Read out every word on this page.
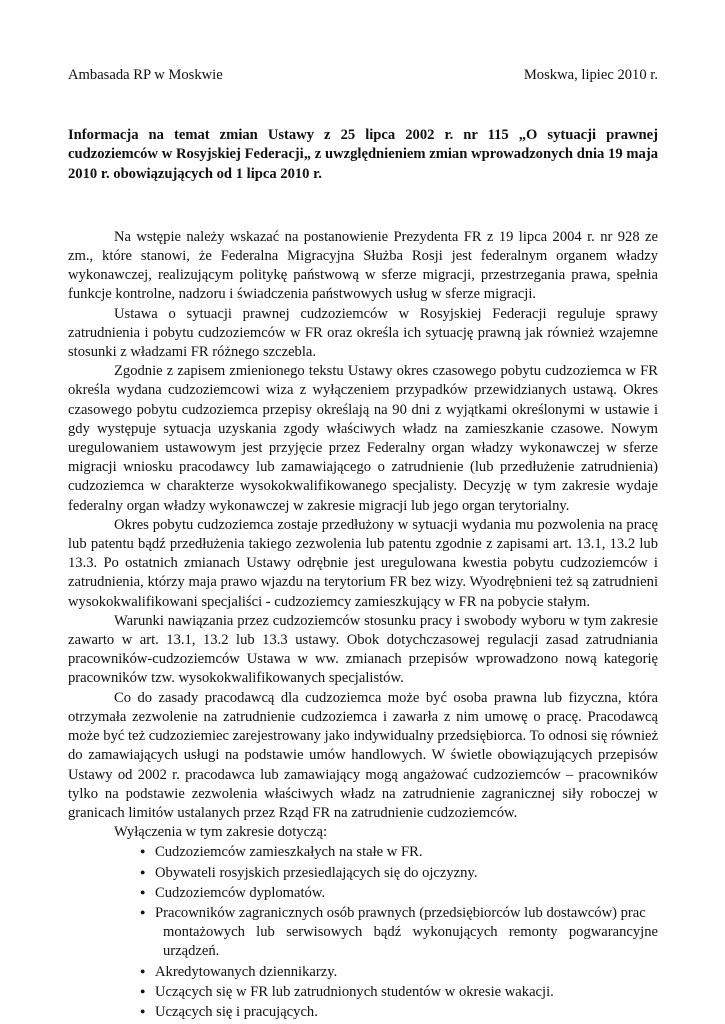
Ambasada RP w Moskwie	Moskwa, lipiec 2010 r.

Informacja na temat zmian Ustawy z 25 lipca 2002 r. nr 115 „O sytuacji prawnej cudzoziemców w Rosyjskiej Federacji„ z uwzględnieniem zmian wprowadzonych dnia 19 maja 2010 r. obowiązujących od 1 lipca 2010 r.

Na wstępie należy wskazać na postanowienie Prezydenta FR z 19 lipca 2004 r. nr 928 ze zm., które stanowi, że Federalna Migracyjna Służba Rosji jest federalnym organem władzy wykonawczej, realizującym politykę państwową w sferze migracji, przestrzegania prawa, spełnia funkcje kontrolne, nadzoru i świadczenia państwowych usług w sferze migracji.

Ustawa o sytuacji prawnej cudzoziemców w Rosyjskiej Federacji reguluje sprawy zatrudnienia i pobytu cudzoziemców w FR oraz określa ich sytuację prawną jak również wzajemne stosunki z władzami FR różnego szczebla.

Zgodnie z zapisem zmienionego tekstu Ustawy okres czasowego pobytu cudzoziemca w FR określa wydana cudzoziemcowi wiza z wyłączeniem przypadków przewidzianych ustawą. Okres czasowego pobytu cudzoziemca przepisy określają na 90 dni z wyjątkami określonymi w ustawie i gdy występuje sytuacja uzyskania zgody właściwych władz na zamieszkanie czasowe. Nowym uregulowaniem ustawowym jest przyjęcie przez Federalny organ władzy wykonawczej w sferze migracji wniosku pracodawcy lub zamawiającego o zatrudnienie (lub przedłużenie zatrudnienia) cudzoziemca w charakterze wysokokwalifikowanego specjalisty. Decyzję w tym zakresie wydaje federalny organ władzy wykonawczej w zakresie migracji lub jego organ terytorialny.

Okres pobytu cudzoziemca zostaje przedłużony w sytuacji wydania mu pozwolenia na pracę lub patentu bądź przedłużenia takiego zezwolenia lub patentu zgodnie z zapisami art. 13.1, 13.2 lub 13.3. Po ostatnich zmianach Ustawy odrębnie jest uregulowana kwestia pobytu cudzoziemców i zatrudnienia, którzy maja prawo wjazdu na terytorium FR bez wizy. Wyodrębnieni też są zatrudnieni wysokokwalifikowani specjaliści - cudzoziemcy zamieszkujący w FR na pobycie stałym.

Warunki nawiązania przez cudzoziemców stosunku pracy i swobody wyboru w tym zakresie zawarto w art. 13.1, 13.2 lub 13.3 ustawy. Obok dotychczasowej regulacji zasad zatrudniania pracowników-cudzoziemców Ustawa w ww. zmianach przepisów wprowadzono nową kategorię pracowników tzw. wysokokwalifikowanych specjalistów.

Co do zasady pracodawcą dla cudzoziemca może być osoba prawna lub fizyczna, która otrzymała zezwolenie na zatrudnienie cudzoziemca i zawarła z nim umowę o pracę. Pracodawcą może być też cudzoziemiec zarejestrowany jako indywidualny przedsiębiorca. To odnosi się również do zamawiających usługi na podstawie umów handlowych. W świetle obowiązujących przepisów Ustawy od 2002 r. pracodawca lub zamawiający mogą angażować cudzoziemców – pracowników tylko na podstawie zezwolenia właściwych władz na zatrudnienie zagranicznej siły roboczej w granicach limitów ustalanych przez Rząd FR na zatrudnienie cudzoziemców.

Wyłączenia w tym zakresie dotyczą:

● Cudzoziemców zamieszkałych na stałe w FR.
● Obywateli rosyjskich przesiedlających się do ojczyzny.
● Cudzoziemców dyplomatów.
● Pracowników zagranicznych osób prawnych (przedsiębiorców lub dostawców) prac
montażowych lub serwisowych bądź wykonujących remonty pogwarancyjne urządzeń.
● Akredytowanych dziennikarzy.
● Uczących się w FR lub zatrudnionych studentów w okresie wakacji.
● Uczących się i pracujących.
